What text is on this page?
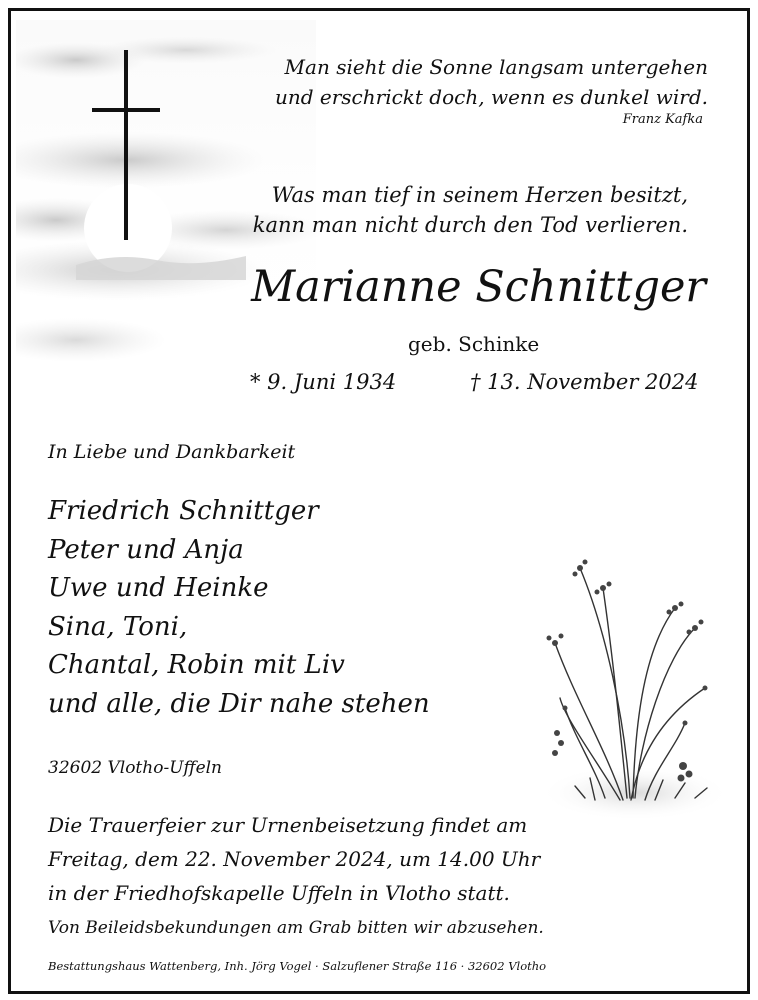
Man sieht die Sonne langsam untergehen
und erschrickt doch, wenn es dunkel wird.
Franz Kafka
Was man tief in seinem Herzen besitzt,
kann man nicht durch den Tod verlieren.
Marianne Schnittger
geb. Schinke
* 9. Juni 1934	† 13. November 2024
In Liebe und Dankbarkeit
Friedrich Schnittger
Peter und Anja
Uwe und Heinke
Sina, Toni,
Chantal, Robin mit Liv
und alle, die Dir nahe stehen
32602 Vlotho-Uffeln
Die Trauerfeier zur Urnenbeisetzung findet am
Freitag, dem 22. November 2024, um 14.00 Uhr
in der Friedhofskapelle Uffeln in Vlotho statt.
Von Beileidsbekundungen am Grab bitten wir abzusehen.
Bestattungshaus Wattenberg, Inh. Jörg Vogel · Salzuflener Straße 116 · 32602 Vlotho
